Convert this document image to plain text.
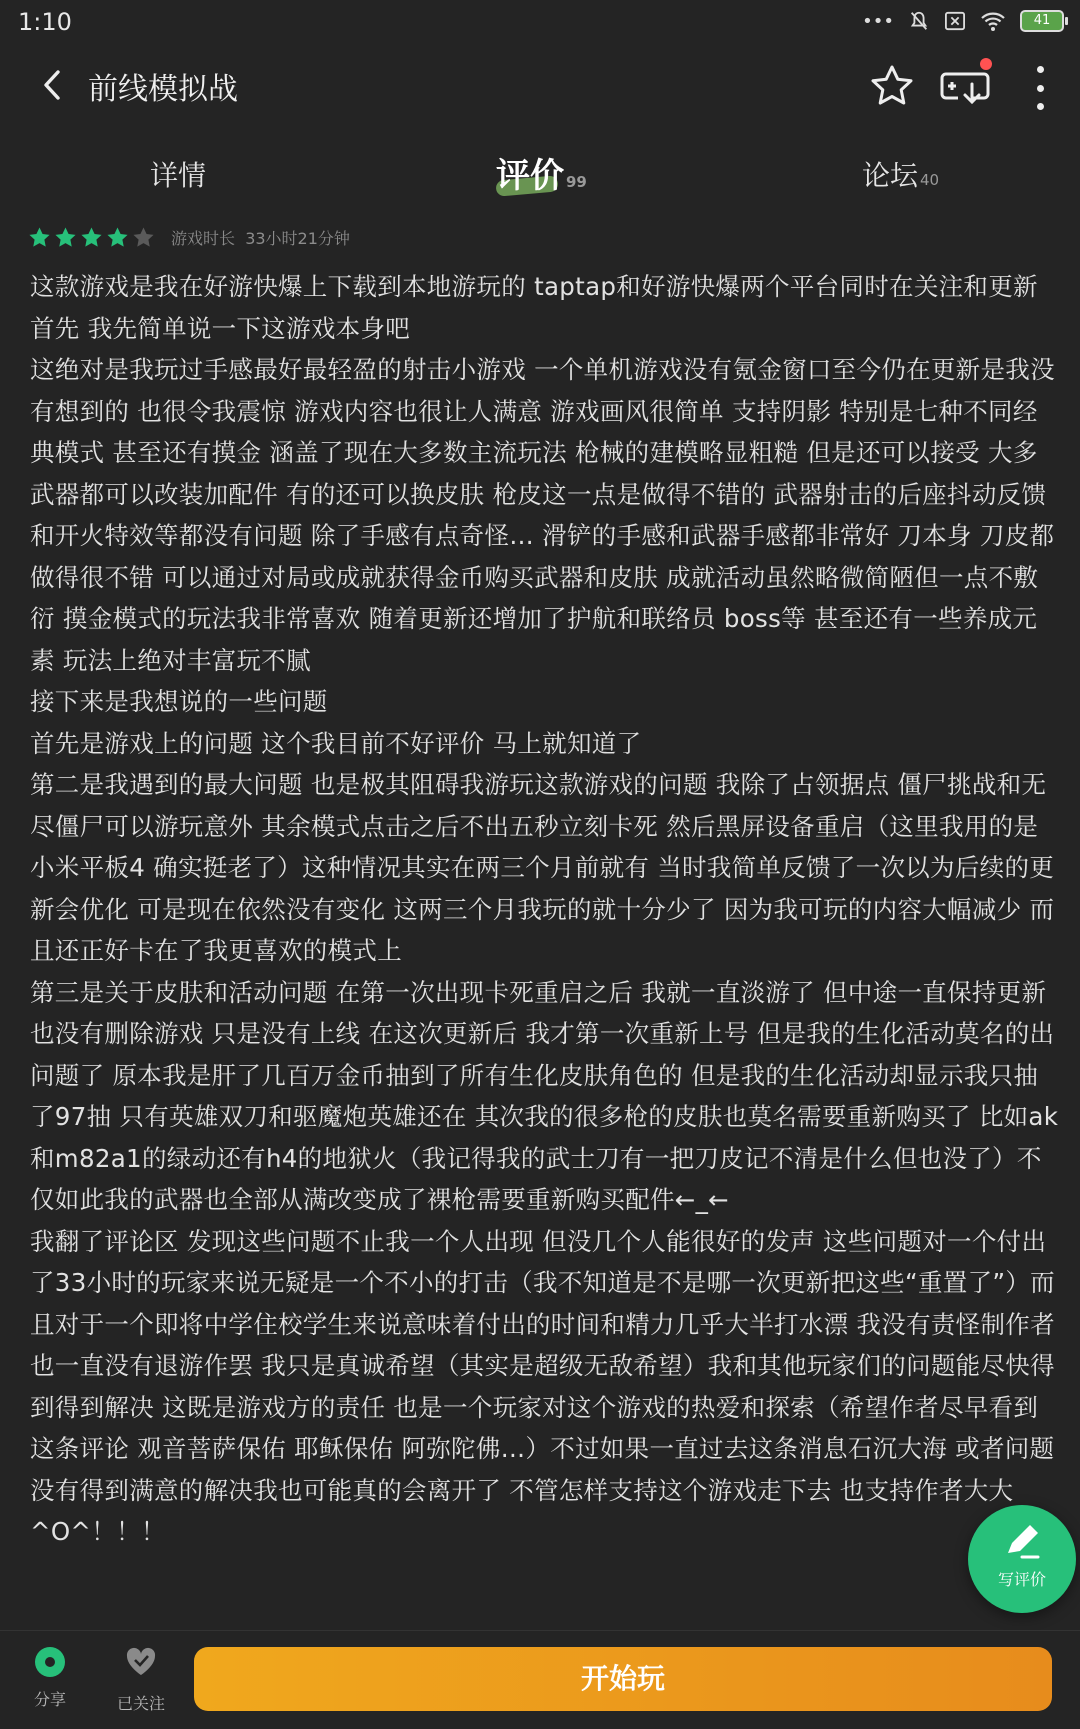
1:10	•••	41
前线模拟战
详情	评价 99	论坛 40
游戏时长 33小时21分钟

这款游戏是我在好游快爆上下载到本地游玩的 taptap和好游快爆两个平台同时在关注和更新

首先 我先简单说一下这游戏本身吧

这绝对是我玩过手感最好最轻盈的射击小游戏 一个单机游戏没有氪金窗口至今仍在更新是我没有想到的 也很令我震惊 游戏内容也很让人满意 游戏画风很简单 支持阴影 特别是七种不同经典模式 甚至还有摸金 涵盖了现在大多数主流玩法 枪械的建模略显粗糙 但是还可以接受 大多武器都可以改装加配件 有的还可以换皮肤 枪皮这一点是做得不错的 武器射击的后座抖动反馈和开火特效等都没有问题 除了手感有点奇怪… 滑铲的手感和武器手感都非常好 刀本身 刀皮都做得很不错 可以通过对局或成就获得金币购买武器和皮肤 成就活动虽然略微简陋但一点不敷衍 摸金模式的玩法我非常喜欢 随着更新还增加了护航和联络员 boss等 甚至还有一些养成元素 玩法上绝对丰富玩不腻

接下来是我想说的一些问题

首先是游戏上的问题 这个我目前不好评价 马上就知道了

第二是我遇到的最大问题 也是极其阻碍我游玩这款游戏的问题 我除了占领据点 僵尸挑战和无尽僵尸可以游玩意外 其余模式点击之后不出五秒立刻卡死 然后黑屏设备重启（这里我用的是小米平板4 确实挺老了）这种情况其实在两三个月前就有 当时我简单反馈了一次以为后续的更新会优化 可是现在依然没有变化 这两三个月我玩的就十分少了 因为我可玩的内容大幅减少 而且还正好卡在了我更喜欢的模式上

第三是关于皮肤和活动问题 在第一次出现卡死重启之后 我就一直淡游了 但中途一直保持更新 也没有删除游戏 只是没有上线 在这次更新后 我才第一次重新上号 但是我的生化活动莫名的出问题了 原本我是肝了几百万金币抽到了所有生化皮肤角色的 但是我的生化活动却显示我只抽了97抽 只有英雄双刀和驱魔炮英雄还在 其次我的很多枪的皮肤也莫名需要重新购买了 比如ak和m82a1的绿动还有h4的地狱火（我记得我的武士刀有一把刀皮记不清是什么但也没了）不仅如此我的武器也全部从满改变成了裸枪需要重新购买配件←_←

我翻了评论区 发现这些问题不止我一个人出现 但没几个人能很好的发声 这些问题对一个付出了33小时的玩家来说无疑是一个不小的打击（我不知道是不是哪一次更新把这些“重置了”）而且对于一个即将中学住校学生来说意味着付出的时间和精力几乎大半打水漂 我没有责怪制作者 也一直没有退游作罢 我只是真诚希望（其实是超级无敌希望）我和其他玩家们的问题能尽快得到得到解决 这既是游戏方的责任 也是一个玩家对这个游戏的热爱和探索（希望作者尽早看到这条评论 观音菩萨保佑 耶稣保佑 阿弥陀佛…）不过如果一直过去这条消息石沉大海 或者问题没有得到满意的解决我也可能真的会离开了 不管怎样支持这个游戏走下去 也支持作者大大^O^！！！

写评价
分享	已关注
开始玩
